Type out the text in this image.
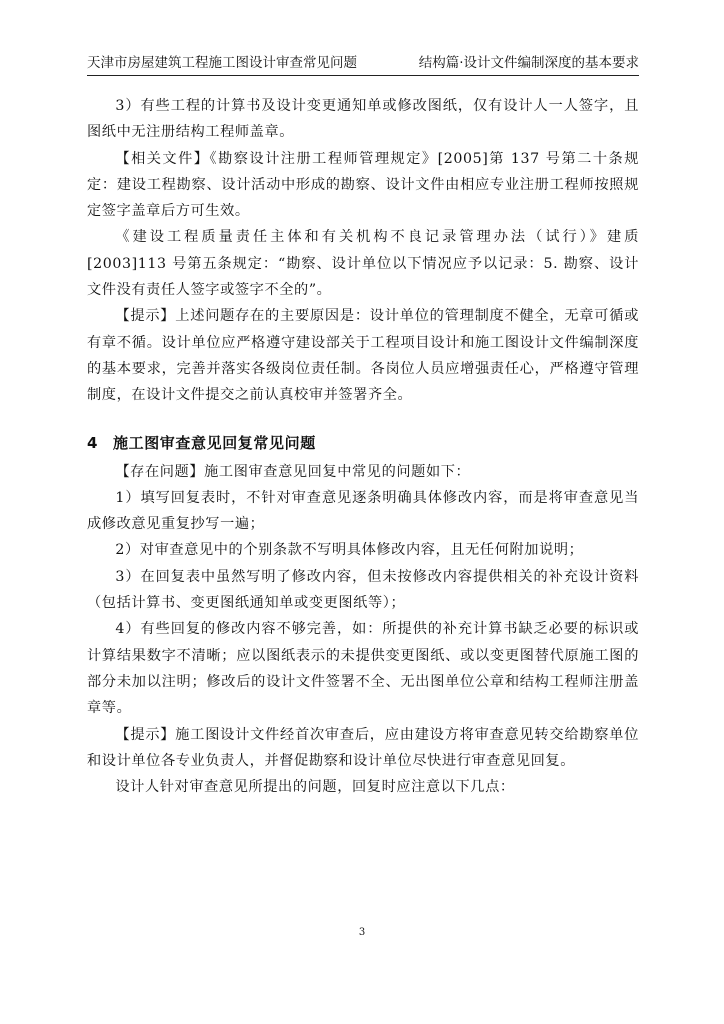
天津市房屋建筑工程施工图设计审查常见问题	结构篇·设计文件编制深度的基本要求

3）有些工程的计算书及设计变更通知单或修改图纸，仅有设计人一人签字，且图纸中无注册结构工程师盖章。

【相关文件】《勘察设计注册工程师管理规定》[2005]第 137 号第二十条规定：建设工程勘察、设计活动中形成的勘察、设计文件由相应专业注册工程师按照规定签字盖章后方可生效。

《建设工程质量责任主体和有关机构不良记录管理办法（试行）》建质[2003]113 号第五条规定：“勘察、设计单位以下情况应予以记录：5. 勘察、设计文件没有责任人签字或签字不全的”。

【提示】上述问题存在的主要原因是：设计单位的管理制度不健全，无章可循或有章不循。设计单位应严格遵守建设部关于工程项目设计和施工图设计文件编制深度的基本要求，完善并落实各级岗位责任制。各岗位人员应增强责任心，严格遵守管理制度，在设计文件提交之前认真校审并签署齐全。

4 施工图审查意见回复常见问题

【存在问题】施工图审查意见回复中常见的问题如下：

1）填写回复表时，不针对审查意见逐条明确具体修改内容，而是将审查意见当成修改意见重复抄写一遍；

2）对审查意见中的个别条款不写明具体修改内容，且无任何附加说明；

3）在回复表中虽然写明了修改内容，但未按修改内容提供相关的补充设计资料（包括计算书、变更图纸通知单或变更图纸等）；

4）有些回复的修改内容不够完善，如：所提供的补充计算书缺乏必要的标识或计算结果数字不清晰；应以图纸表示的未提供变更图纸、或以变更图替代原施工图的部分未加以注明；修改后的设计文件签署不全、无出图单位公章和结构工程师注册盖章等。

【提示】施工图设计文件经首次审查后，应由建设方将审查意见转交给勘察单位和设计单位各专业负责人，并督促勘察和设计单位尽快进行审查意见回复。

设计人针对审查意见所提出的问题，回复时应注意以下几点：

3
